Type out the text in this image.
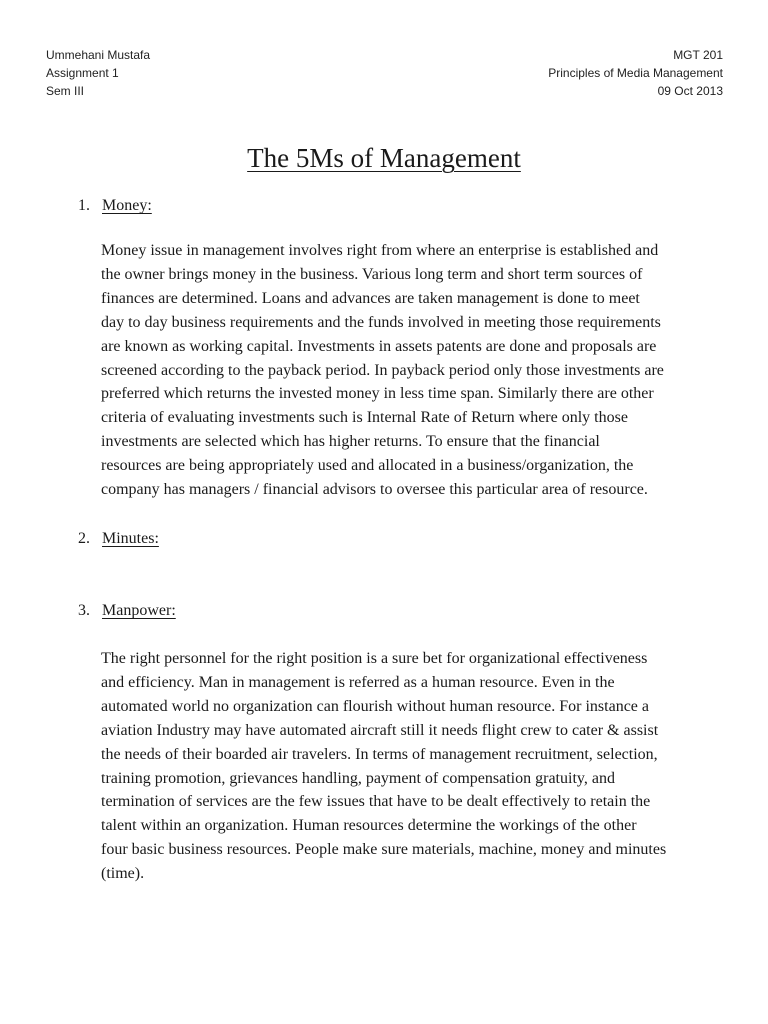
Ummehani Mustafa
Assignment 1
Sem III
MGT 201
Principles of Media Management
09 Oct 2013
The 5Ms of Management
1. Money:

Money issue in management involves right from where an enterprise is established and
the owner brings money in the business. Various long term and short term sources of
finances are determined. Loans and advances are taken management is done to meet
day to day business requirements and the funds involved in meeting those requirements
are known as working capital. Investments in assets patents are done and proposals are
screened according to the payback period. In payback period only those investments are
preferred which returns the invested money in less time span. Similarly there are other
criteria of evaluating investments such is Internal Rate of Return where only those
investments are selected which has higher returns. To ensure that the financial
resources are being appropriately used and allocated in a business/organization, the
company has managers / financial advisors to oversee this particular area of resource.

2. Minutes:
3. Manpower:

The right personnel for the right position is a sure bet for organizational effectiveness
and efficiency. Man in management is referred as a human resource. Even in the
automated world no organization can flourish without human resource. For instance a
aviation Industry may have automated aircraft still it needs flight crew to cater & assist
the needs of their boarded air travelers. In terms of management recruitment, selection,
training promotion, grievances handling, payment of compensation gratuity, and
termination of services are the few issues that have to be dealt effectively to retain the
talent within an organization. Human resources determine the workings of the other
four basic business resources. People make sure materials, machine, money and minutes
(time).
